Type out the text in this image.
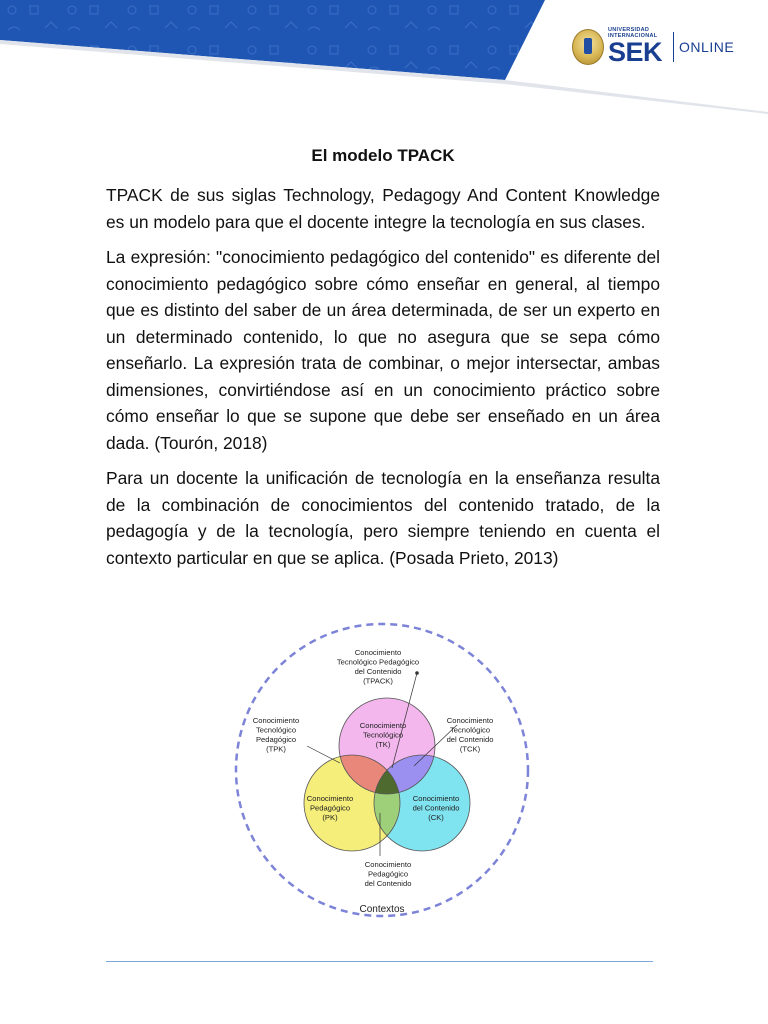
UNIVERSIDAD
INTERNACIONAL
SEK ONLINE
El modelo TPACK

TPACK de sus siglas Technology, Pedagogy And Content Knowledge es un modelo para que el docente integre la tecnología en sus clases.

La expresión: "conocimiento pedagógico del contenido" es diferente del conocimiento pedagógico sobre cómo enseñar en general, al tiempo que es distinto del saber de un área determinada, de ser un experto en un determinado contenido, lo que no asegura que se sepa cómo enseñarlo. La expresión trata de combinar, o mejor intersectar, ambas dimensiones, convirtiéndose así en un conocimiento práctico sobre cómo enseñar lo que se supone que debe ser enseñado en un área dada. (Tourón, 2018)

Para un docente la unificación de tecnología en la enseñanza resulta de la combinación de conocimientos del contenido tratado, de la pedagogía y de la tecnología, pero siempre teniendo en cuenta el contexto particular en que se aplica. (Posada Prieto, 2013)

Conocimiento
Tecnológico Pedagógico
del Contenido
(TPACK)
Conocimiento
Tecnológico
(TK)
Conocimiento
Pedagógico
(PK)
Conocimiento
del Contenido
(CK)
Conocimiento
Tecnológico
Pedagógico
(TPK)
Conocimiento
Tecnológico
del Contenido
(TCK)
Conocimiento
Pedagógico
del Contenido
Contextos
